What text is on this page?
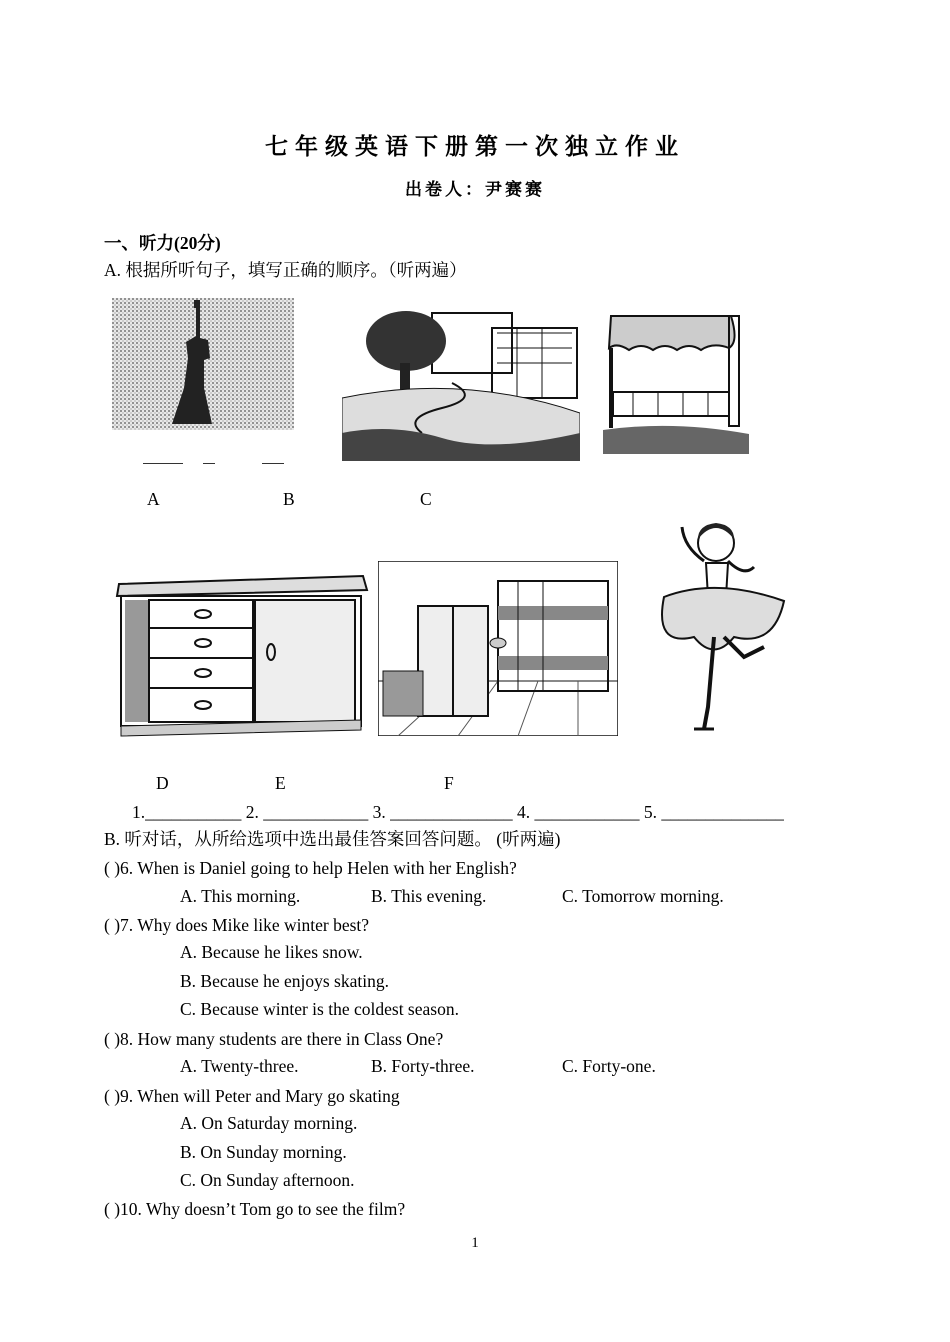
七年级英语下册第一次独立作业
出卷人：尹赛赛
一、听力(20分)
A. 根据所听句子，填写正确的顺序。（听两遍）
A	B	C
D	E	F
1.___________ 2. ____________ 3. ______________ 4. ____________ 5. ______________
B. 听对话，从所给选项中选出最佳答案回答问题。 (听两遍)
( )6. When is Daniel going to help Helen with her English?
A. This morning.	B. This evening.	C. Tomorrow morning.
( )7. Why does Mike like winter best?
A. Because he likes snow.
B. Because he enjoys skating.
C. Because winter is the coldest season.
( )8. How many students are there in Class One?
A. Twenty-three.	B. Forty-three.	C. Forty-one.
( )9. When will Peter and Mary go skating
A. On Saturday morning.
B. On Sunday morning.
C. On Sunday afternoon.
( )10. Why doesn’t Tom go to see the film?
1
